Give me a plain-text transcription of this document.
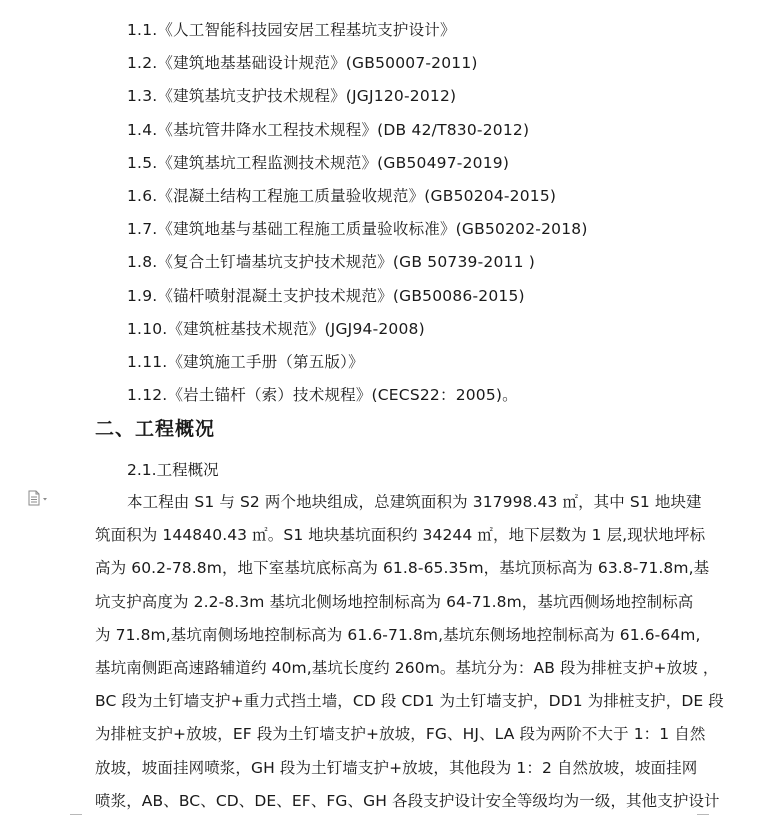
1.1.《人工智能科技园安居工程基坑支护设计》
1.2.《建筑地基基础设计规范》(GB50007-2011)
1.3.《建筑基坑支护技术规程》(JGJ120-2012)
1.4.《基坑管井降水工程技术规程》(DB 42/T830-2012)
1.5.《建筑基坑工程监测技术规范》(GB50497-2019)
1.6.《混凝土结构工程施工质量验收规范》(GB50204-2015)
1.7.《建筑地基与基础工程施工质量验收标准》(GB50202-2018)
1.8.《复合土钉墙基坑支护技术规范》(GB 50739-2011 )
1.9.《锚杆喷射混凝土支护技术规范》(GB50086-2015)
1.10.《建筑桩基技术规范》(JGJ94-2008)
1.11.《建筑施工手册（第五版）》
1.12.《岩土锚杆（索）技术规程》(CECS22：2005)。
二、工程概况
2.1.工程概况
本工程由 S1 与 S2 两个地块组成，总建筑面积为 317998.43 ㎡，其中 S1 地块建
筑面积为 144840.43 ㎡。S1 地块基坑面积约 34244 ㎡，地下层数为 1 层,现状地坪标
高为 60.2-78.8m，地下室基坑底标高为 61.8-65.35m，基坑顶标高为 63.8-71.8m,基
坑支护高度为 2.2-8.3m 基坑北侧场地控制标高为 64-71.8m，基坑西侧场地控制标高
为 71.8m,基坑南侧场地控制标高为 61.6-71.8m,基坑东侧场地控制标高为 61.6-64m,
基坑南侧距高速路辅道约 40m,基坑长度约 260m。基坑分为：AB 段为排桩支护+放坡 ，
BC 段为土钉墙支护+重力式挡土墙，CD 段 CD1 为土钉墙支护，DD1 为排桩支护，DE 段
为排桩支护+放坡，EF 段为土钉墙支护+放坡，FG、HJ、LA 段为两阶不大于 1：1 自然
放坡，坡面挂网喷浆，GH 段为土钉墙支护+放坡，其他段为 1：2 自然放坡，坡面挂网
喷浆，AB、BC、CD、DE、EF、FG、GH 各段支护设计安全等级均为一级，其他支护设计
